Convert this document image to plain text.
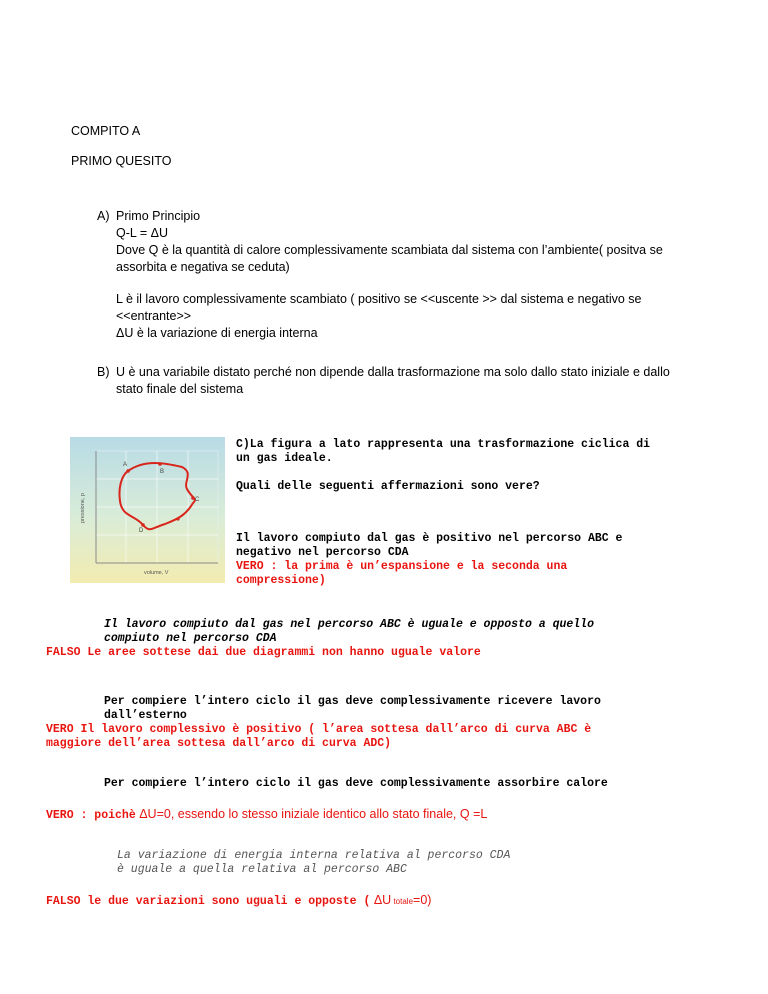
COMPITO A
PRIMO QUESITO
A) Primo Principio
Q-L = ΔU
Dove Q è la quantità di calore complessivamente scambiata dal sistema con l’ambiente( positva se
assorbita e negativa se ceduta)
L è il lavoro complessivamente scambiato ( positivo se <<uscente >> dal sistema e negativo se
<<entrante>>
ΔU è la variazione di energia interna
B) U è una variabile distato perché non dipende dalla trasformazione ma solo dallo stato iniziale e dallo
stato finale del sistema
A
B
C
D
pressione, p
volume, V
C)La figura a lato rappresenta una trasformazione ciclica di
un gas ideale.
Quali delle seguenti affermazioni sono vere?
Il lavoro compiuto dal gas è positivo nel percorso ABC e
negativo nel percorso CDA
VERO : la prima è un’espansione e la seconda una
compressione)
Il lavoro compiuto dal gas nel percorso ABC è uguale e opposto a quello
compiuto nel percorso CDA
FALSO Le aree sottese dai due diagrammi non hanno uguale valore
Per compiere l’intero ciclo il gas deve complessivamente ricevere lavoro
dall’esterno
VERO Il lavoro complessivo è positivo ( l’area sottesa dall’arco di curva ABC è
maggiore dell’area sottesa dall’arco di curva ADC)
Per compiere l’intero ciclo il gas deve complessivamente assorbire calore
VERO : poichè ΔU=0, essendo lo stesso iniziale identico allo stato finale, Q =L
La variazione di energia interna relativa al percorso CDA
è uguale a quella relativa al percorso ABC
FALSO le due variazioni sono uguali e opposte ( ΔU totale=0)
